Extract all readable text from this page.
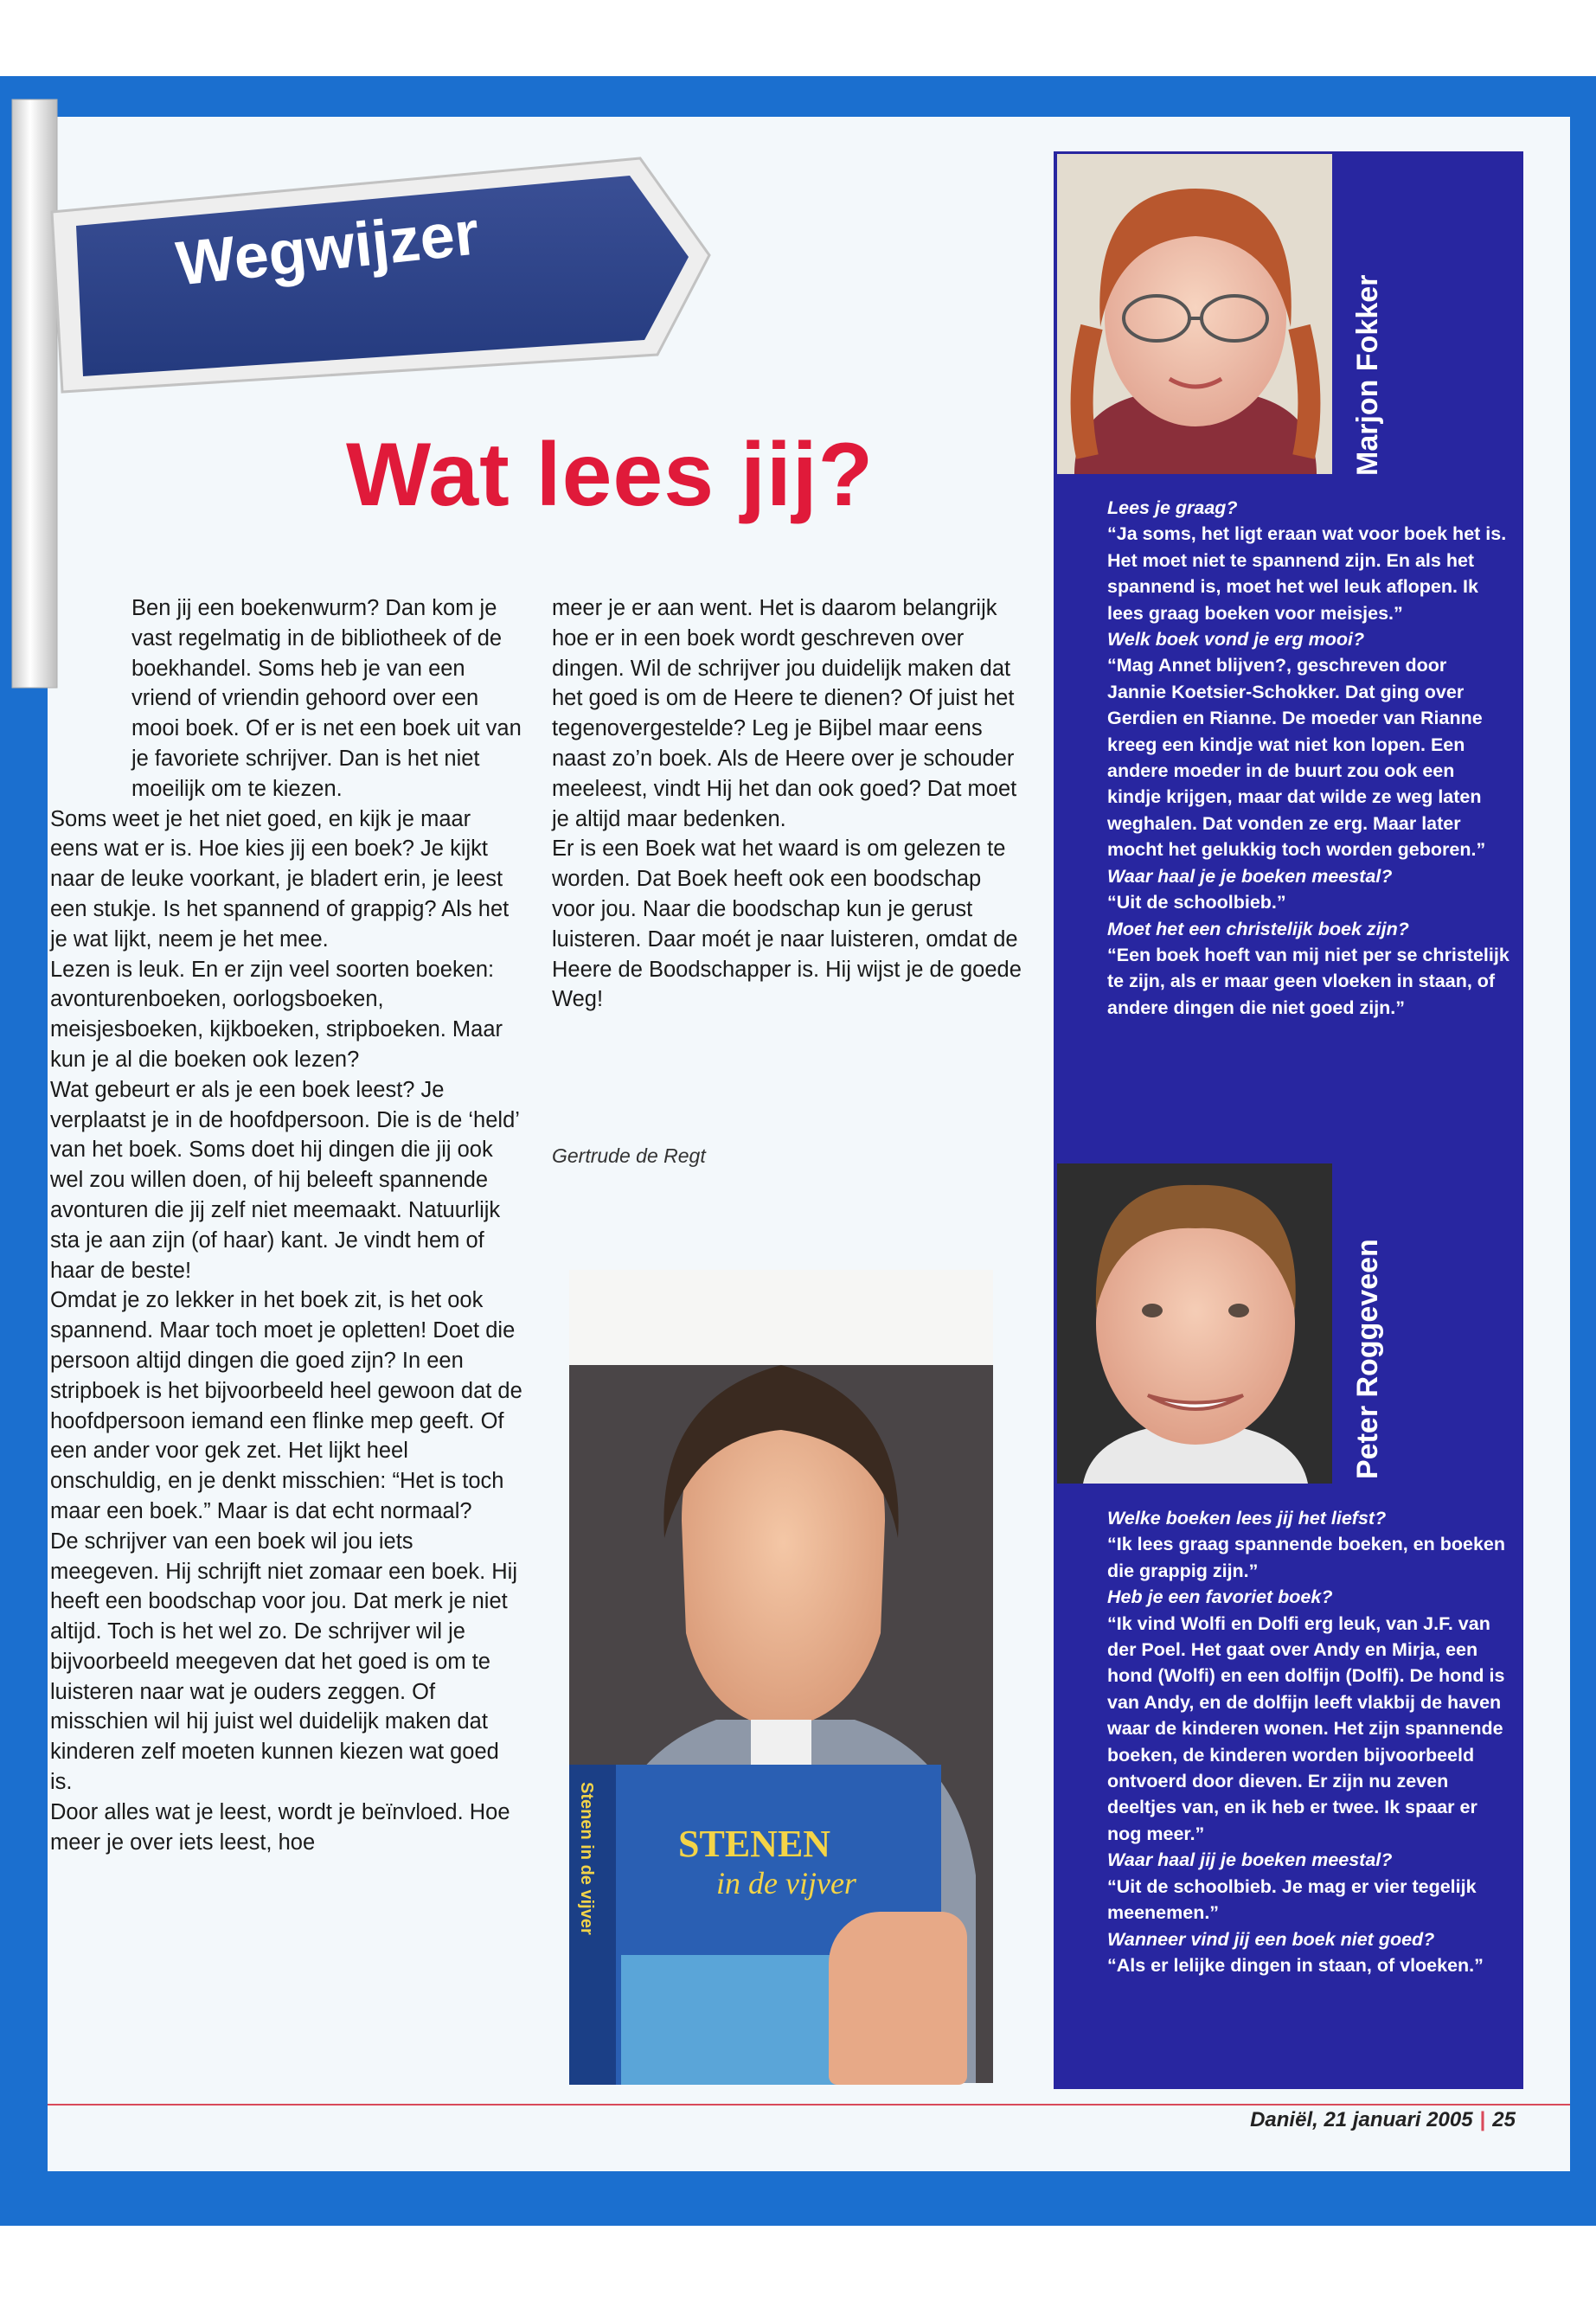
Wegwijzer
Wat lees jij?

Ben jij een boekenwurm? Dan kom je vast regelmatig in de bibliotheek of de boekhandel. Soms heb je van een vriend of vriendin gehoord over een mooi boek. Of er is net een boek uit van je favoriete schrijver. Dan is het niet moeilijk om te kiezen.

Soms weet je het niet goed, en kijk je maar eens wat er is. Hoe kies jij een boek? Je kijkt naar de leuke voorkant, je bladert erin, je leest een stukje. Is het spannend of grappig? Als het je wat lijkt, neem je het mee.

Lezen is leuk. En er zijn veel soorten boeken: avonturenboeken, oorlogsboeken, meisjesboeken, kijkboeken, stripboeken. Maar kun je al die boeken ook lezen?

Wat gebeurt er als je een boek leest? Je verplaatst je in de hoofdpersoon. Die is de ‘held’ van het boek. Soms doet hij dingen die jij ook wel zou willen doen, of hij beleeft spannende avonturen die jij zelf niet meemaakt. Natuurlijk sta je aan zijn (of haar) kant. Je vindt hem of haar de beste!

Omdat je zo lekker in het boek zit, is het ook spannend. Maar toch moet je opletten! Doet die persoon altijd dingen die goed zijn? In een stripboek is het bijvoorbeeld heel gewoon dat de hoofdpersoon iemand een flinke mep geeft. Of een ander voor gek zet. Het lijkt heel onschuldig, en je denkt misschien: “Het is toch maar een boek.” Maar is dat echt normaal?

De schrijver van een boek wil jou iets meegeven. Hij schrijft niet zomaar een boek. Hij heeft een boodschap voor jou. Dat merk je niet altijd. Toch is het wel zo. De schrijver wil je bijvoorbeeld meegeven dat het goed is om te luisteren naar wat je ouders zeggen. Of misschien wil hij juist wel duidelijk maken dat kinderen zelf moeten kunnen kiezen wat goed is.

Door alles wat je leest, wordt je beïnvloed. Hoe meer je over iets leest, hoe

meer je er aan went. Het is daarom belangrijk hoe er in een boek wordt geschreven over dingen. Wil de schrijver jou duidelijk maken dat het goed is om de Heere te dienen? Of juist het tegenovergestelde? Leg je Bijbel maar eens naast zo’n boek. Als de Heere over je schouder meeleest, vindt Hij het dan ook goed? Dat moet je altijd maar bedenken.

Er is een Boek wat het waard is om gelezen te worden. Dat Boek heeft ook een boodschap voor jou. Naar die boodschap kun je gerust luisteren. Daar moét je naar luisteren, omdat de Heere de Boodschapper is. Hij wijst je de goede Weg!

Gertrude de Regt
Stenen in de vijver STENEN
in de vijver
Marjon Fokker

Lees je graag?

“Ja soms, het ligt eraan wat voor boek het is. Het moet niet te spannend zijn. En als het spannend is, moet het wel leuk aflopen. Ik lees graag boeken voor meisjes.”

Welk boek vond je erg mooi?

“Mag Annet blijven?, geschreven door Jannie Koetsier-Schokker. Dat ging over Gerdien en Rianne. De moeder van Rianne kreeg een kindje wat niet kon lopen. Een andere moeder in de buurt zou ook een kindje krijgen, maar dat wilde ze weg laten weghalen. Dat vonden ze erg. Maar later mocht het gelukkig toch worden geboren.”

Waar haal je je boeken meestal?

“Uit de schoolbieb.”

Moet het een christelijk boek zijn?

“Een boek hoeft van mij niet per se christelijk te zijn, als er maar geen vloeken in staan, of andere dingen die niet goed zijn.”

Peter Roggeveen

Welke boeken lees jij het liefst?

“Ik lees graag spannende boeken, en boeken die grappig zijn.”

Heb je een favoriet boek?

“Ik vind Wolfi en Dolfi erg leuk, van J.F. van der Poel. Het gaat over Andy en Mirja, een hond (Wolfi) en een dolfijn (Dolfi). De hond is van Andy, en de dolfijn leeft vlakbij de haven waar de kinderen wonen. Het zijn spannende boeken, de kinderen worden bijvoorbeeld ontvoerd door dieven. Er zijn nu zeven deeltjes van, en ik heb er twee. Ik spaar er nog meer.”

Waar haal jij je boeken meestal?

“Uit de schoolbieb. Je mag er vier tegelijk meenemen.”

Wanneer vind jij een boek niet goed?

“Als er lelijke dingen in staan, of vloeken.”

Daniël, 21 januari 2005 | 25
